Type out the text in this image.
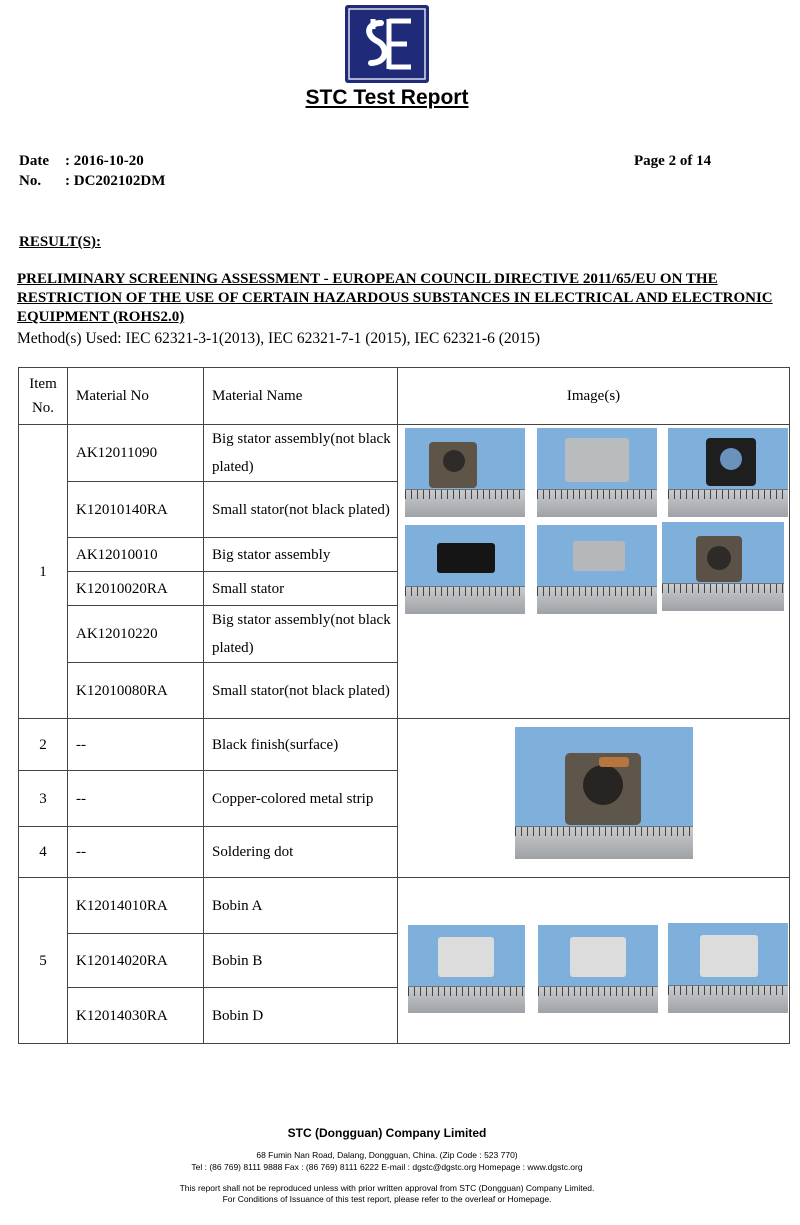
STC Test Report
Date : 2016-10-20
No. : DC202102DM
Page 2 of 14
RESULT(S):
PRELIMINARY SCREENING ASSESSMENT - EUROPEAN COUNCIL DIRECTIVE 2011/65/EU ON THE RESTRICTION OF THE USE OF CERTAIN HAZARDOUS SUBSTANCES IN ELECTRICAL AND ELECTRONIC EQUIPMENT (ROHS2.0)
Method(s) Used: IEC 62321-3-1(2013), IEC 62321-7-1 (2015), IEC 62321-6 (2015)
Item No.	Material No	Material Name	Image(s)
1	AK12011090	Big stator assembly(not black plated)	

	K12010140RA	Small stator(not black plated)	
	AK12010010	Big stator assembly	
	K12010020RA	Small stator	
	AK12010220	Big stator assembly(not black plated)	
	K12010080RA	Small stator(not black plated)	
2	--	Black finish(surface)	

3	--	Copper-colored metal strip	
4	--	Soldering dot	
5	K12014010RA	Bobin A	

	K12014020RA	Bobin B	
	K12014030RA	Bobin D	
STC (Dongguan) Company Limited
68 Fumin Nan Road, Dalang, Dongguan, China. (Zip Code : 523 770)
Tel : (86 769) 8111 9888 Fax : (86 769) 8111 6222 E-mail : dgstc@dgstc.org Homepage : www.dgstc.org
This report shall not be reproduced unless with prior written approval from STC (Dongguan) Company Limited.
For Conditions of Issuance of this test report, please refer to the overleaf or Homepage.
